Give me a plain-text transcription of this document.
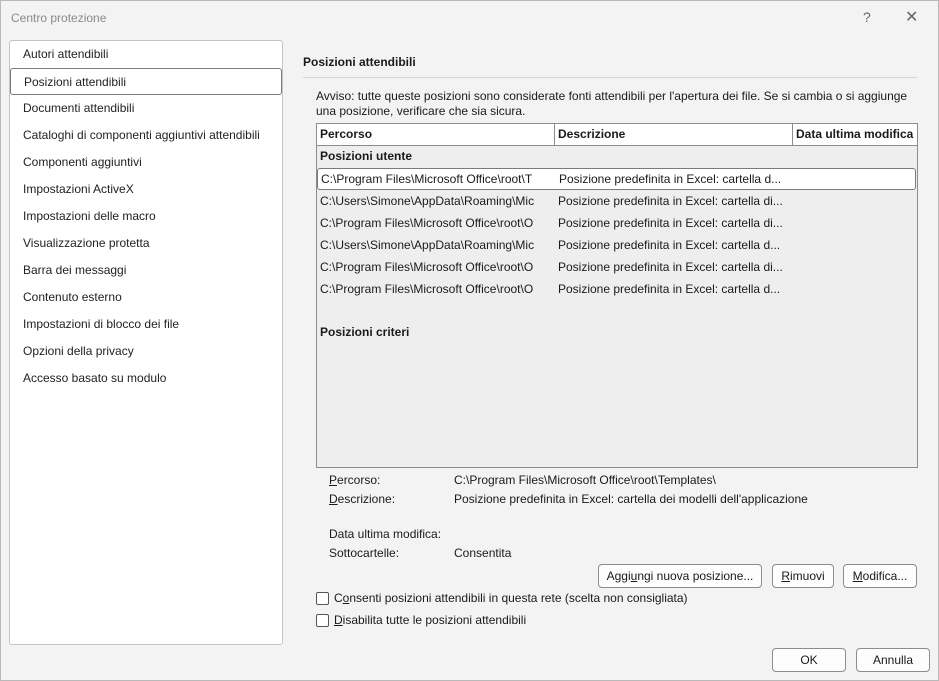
Centro protezione	? ✕
Autori attendibili
Posizioni attendibili
Documenti attendibili
Cataloghi di componenti aggiuntivi attendibili
Componenti aggiuntivi
Impostazioni ActiveX
Impostazioni delle macro
Visualizzazione protetta
Barra dei messaggi
Contenuto esterno
Impostazioni di blocco dei file
Opzioni della privacy
Accesso basato su modulo
Posizioni attendibili
Avviso: tutte queste posizioni sono considerate fonti attendibili per l'apertura dei file. Se si cambia o si aggiunge una posizione, verificare che sia sicura.
Percorso	Descrizione	Data ultima modifica
Posizioni utente
C:\Program Files\Microsoft Office\root\T	Posizione predefinita in Excel: cartella d...
C:\Users\Simone\AppData\Roaming\Mic	Posizione predefinita in Excel: cartella di...
C:\Program Files\Microsoft Office\root\O	Posizione predefinita in Excel: cartella di...
C:\Users\Simone\AppData\Roaming\Mic	Posizione predefinita in Excel: cartella d...
C:\Program Files\Microsoft Office\root\O	Posizione predefinita in Excel: cartella di...
C:\Program Files\Microsoft Office\root\O	Posizione predefinita in Excel: cartella d...
Posizioni criteri
Percorso:	C:\Program Files\Microsoft Office\root\Templates\
Descrizione:	Posizione predefinita in Excel: cartella dei modelli dell'applicazione
Data ultima modifica:
Sottocartelle:	Consentita
Aggiungi nuova posizione...	Rimuovi	Modifica...
Consenti posizioni attendibili in questa rete (scelta non consigliata)
Disabilita tutte le posizioni attendibili
OK	Annulla
